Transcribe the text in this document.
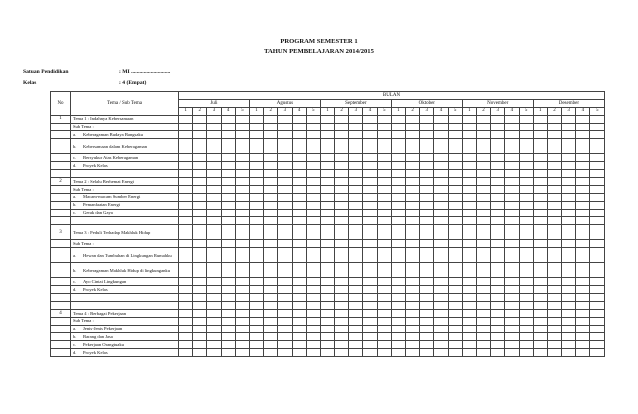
PROGRAM SEMESTER 1
TAHUN PEMBELAJARAN 2014/2015
Satuan Pendidikan	: MI ............................
Kelas	: 4 (Empat)
No	Tema / Sub Tema	BULAN																													
		Juli					Agustus					September					Oktober					November					Desember				
		1	2	3	4	5	1	2	3	4	5	1	2	3	4	5	1	2	3	4	5	1	2	3	4	5	1	2	3	4	5
1	Tema 1 : Indahnya Kebersamaan																														

	Sub Tema :																														

	a. Keberagaman Budaya Bangsaku																														

	b. Kebersamaan dalam Keberagaman																														

	c. Bersyukur Atas Keberagaman																														

	d. Proyek Kelas																														

2	Tema 2 : Selalu Berhemat Energi																														

	Sub Tema :																														

	a. Macam-macam Sumber Energi																														

	b. Pemanfaatan Energi																														

	c. Gerak dan Gaya																														

3	Tema 3 : Peduli Terhadap Makhluk Hidup																														

	Sub Tema :																														

	a. Hewan dan Tumbuhan di Lingkungan Rumahku																														

	b. Keberagaman Makhluk Hidup di lingkunganku																														

	c. Ayo Cintai Lingkungan																														

	d. Proyek Kelas																														

4	Tema 4 : Berbagai Pekerjaan																														

	Sub Tema :																														

	a. Jenis-Jenis Pekerjaan																														

	b. Barang dan Jasa																														

	c. Pekerjaan Orangtuaku																														

	d. Proyek Kelas																														
